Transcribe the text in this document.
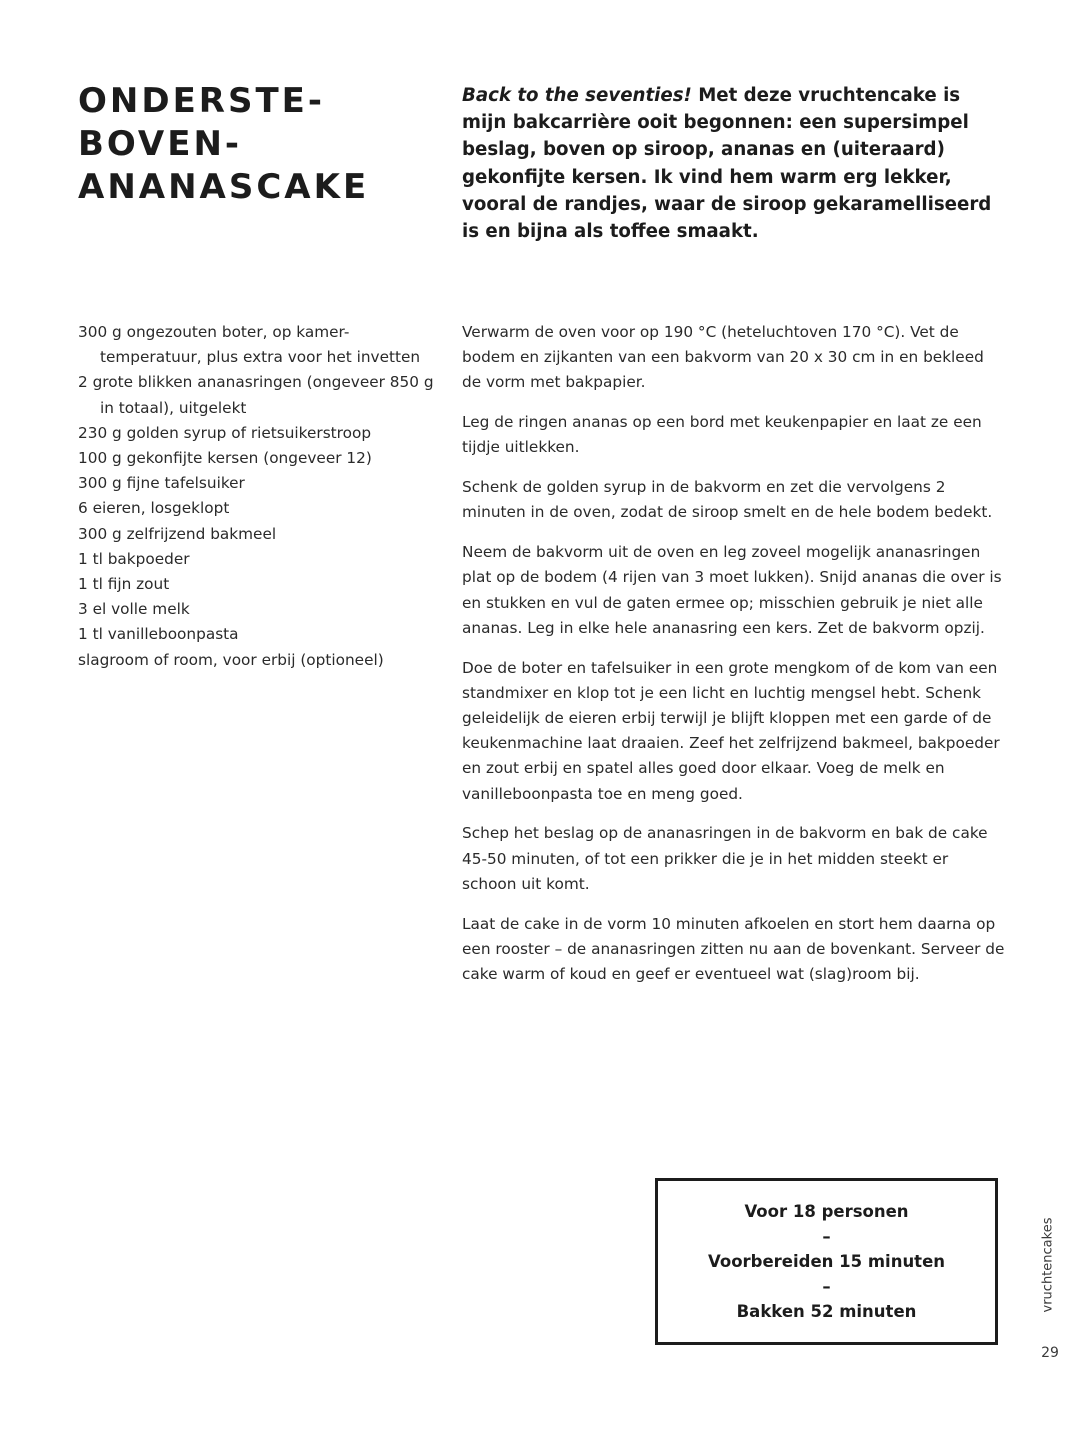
ONDERSTE-
BOVEN-
ANANASCAKE

Back to the seventies! Met deze vruchtencake is mijn bakcarrière ooit begonnen: een supersimpel beslag, boven op siroop, ananas en (uiteraard) gekonfijte kersen. Ik vind hem warm erg lekker, vooral de randjes, waar de siroop gekaramelliseerd is en bijna als toffee smaakt.

300 g ongezouten boter, op kamer-temperatuur, plus extra voor het invetten
2 grote blikken ananasringen (ongeveer 850 g in totaal), uitgelekt
230 g golden syrup of rietsuikerstroop
100 g gekonfijte kersen (ongeveer 12)
300 g fijne tafelsuiker
6 eieren, losgeklopt
300 g zelfrijzend bakmeel
1 tl bakpoeder
1 tl fijn zout
3 el volle melk
1 tl vanilleboonpasta
slagroom of room, voor erbij (optioneel)

Verwarm de oven voor op 190 °C (heteluchtoven 170 °C). Vet de bodem en zijkanten van een bakvorm van 20 x 30 cm in en bekleed de vorm met bakpapier.

Leg de ringen ananas op een bord met keukenpapier en laat ze een tijdje uitlekken.

Schenk de golden syrup in de bakvorm en zet die vervolgens 2 minuten in de oven, zodat de siroop smelt en de hele bodem bedekt.

Neem de bakvorm uit de oven en leg zoveel mogelijk ananasringen plat op de bodem (4 rijen van 3 moet lukken). Snijd ananas die over is en stukken en vul de gaten ermee op; misschien gebruik je niet alle ananas. Leg in elke hele ananasring een kers. Zet de bakvorm opzij.

Doe de boter en tafelsuiker in een grote mengkom of de kom van een standmixer en klop tot je een licht en luchtig mengsel hebt. Schenk geleidelijk de eieren erbij terwijl je blijft kloppen met een garde of de keukenmachine laat draaien. Zeef het zelfrijzend bakmeel, bakpoeder en zout erbij en spatel alles goed door elkaar. Voeg de melk en vanilleboonpasta toe en meng goed.

Schep het beslag op de ananasringen in de bakvorm en bak de cake 45-50 minuten, of tot een prikker die je in het midden steekt er schoon uit komt.

Laat de cake in de vorm 10 minuten afkoelen en stort hem daarna op een rooster – de ananasringen zitten nu aan de bovenkant. Serveer de cake warm of koud en geef er eventueel wat (slag)room bij.

Voor 18 personen
–
Voorbereiden 15 minuten
–
Bakken 52 minuten	vruchtencakes
29
